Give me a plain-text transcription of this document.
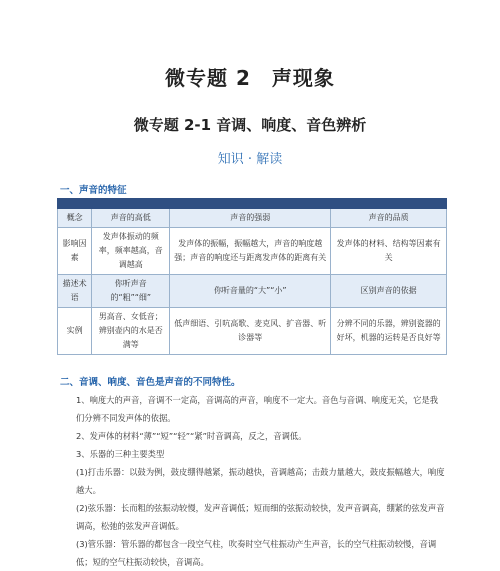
微专题 2　声现象
微专题 2-1 音调、响度、音色辨析
知识 · 解读
一、声音的特征

概念	声音的高低	声音的强弱	声音的品质
影响因素	发声体振动的频率，频率越高，音调越高	发声体的振幅，振幅越大，声音的响度越强；声音的响度还与距离发声体的距离有关	发声体的材料、结构等因素有关
描述术语	你听声音的“粗”“细”	你听音量的“大”“小”	区别声音的依据
实例	男高音、女低音；辨别壶内的水是否满等	低声细语、引吭高歌、麦克风、扩音器、听诊器等	分辨不同的乐器，辨别瓷器的好坏，机器的运转是否良好等
二、音调、响度、音色是声音的不同特性。
1、响度大的声音，音调不一定高，音调高的声音，响度不一定大。音色与音调、响度无关，它是我们分辨不同发声体的依据。
2、发声体的材料“薄”“短”“轻”“紧”时音调高，反之，音调低。
3、乐器的三种主要类型
(1)打击乐器：以鼓为例，鼓皮绷得越紧，振动越快，音调越高；击鼓力量越大，鼓皮振幅越大，响度越大。
(2)弦乐器：长而粗的弦振动较慢，发声音调低；短而细的弦振动较快，发声音调高，绷紧的弦发声音调高，松弛的弦发声音调低。
(3)管乐器：管乐器的都包含一段空气柱，吹奏时空气柱振动产生声音，长的空气柱振动较慢，音调低；短的空气柱振动较快，音调高。
